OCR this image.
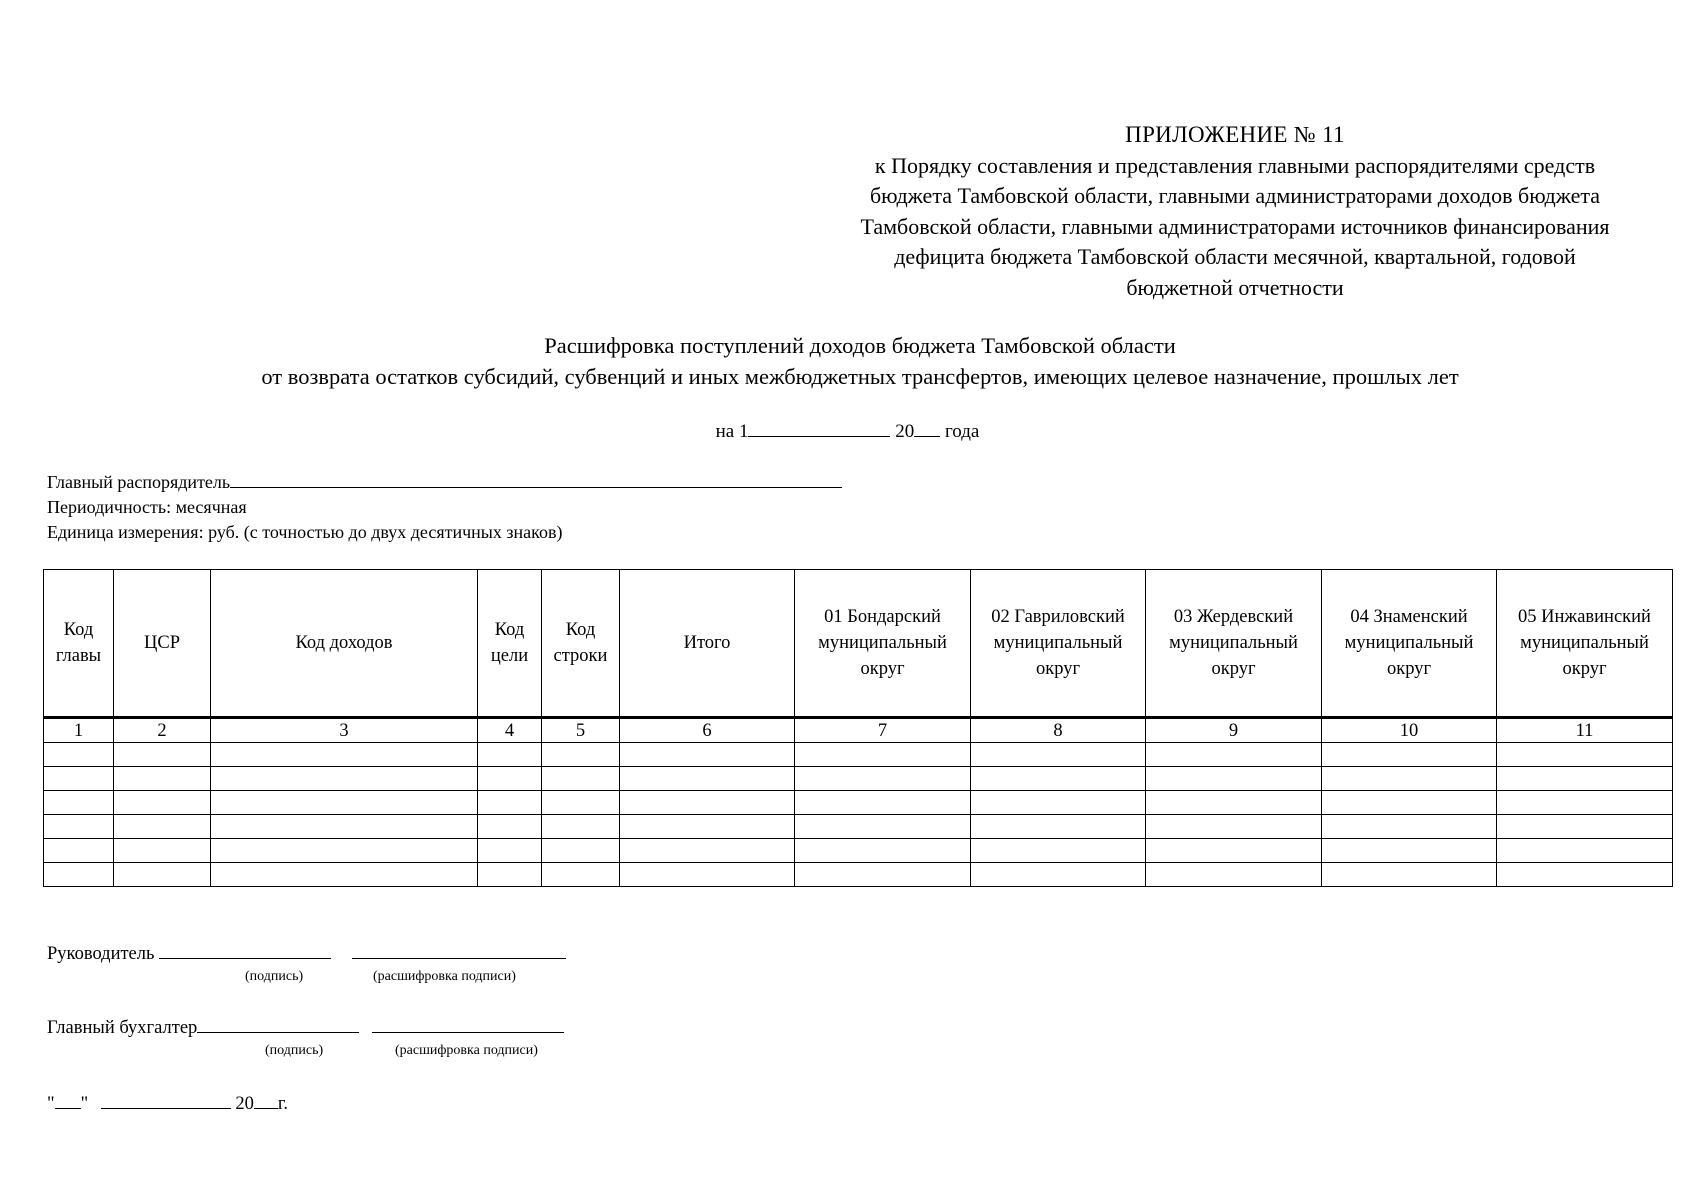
ПРИЛОЖЕНИЕ № 11
к Порядку составления и представления главными распорядителями средств
бюджета Тамбовской области, главными администраторами доходов бюджета
Тамбовской области, главными администраторами источников финансирования
дефицита бюджета Тамбовской области месячной, квартальной, годовой
бюджетной отчетности
Расшифровка поступлений доходов бюджета Тамбовской области
от возврата остатков субсидий, субвенций и иных межбюджетных трансфертов, имеющих целевое назначение, прошлых лет
на 1	20 года
Главный распорядитель
Периодичность: месячная
Единица измерения: руб. (с точностью до двух десятичных знаков)
Код главы	ЦСР	Код доходов	Код цели	Код строки	Итого	01 Бондарский муниципальный округ	02 Гавриловский муниципальный округ	03 Жердевский муниципальный округ	04 Знаменский муниципальный округ	05 Инжавинский муниципальный округ
1	2	3	4	5	6	7	8	9	10	11

Руководитель
(подпись)	(расшифровка подписи)
Главный бухгалтер
(подпись)	(расшифровка подписи)
" "	20 г.
